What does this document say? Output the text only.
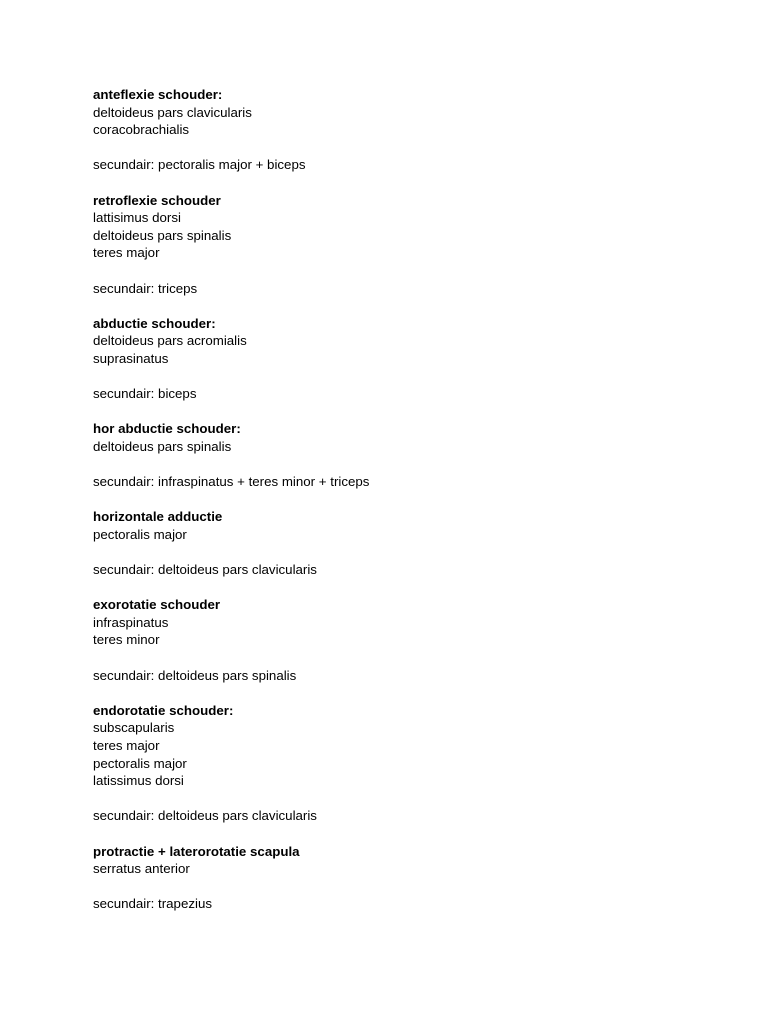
anteflexie schouder:
deltoideus pars clavicularis
coracobrachialis
secundair: pectoralis major + biceps
retroflexie schouder
lattisimus dorsi
deltoideus pars spinalis
teres major
secundair: triceps
abductie schouder:
deltoideus pars acromialis
suprasinatus
secundair: biceps
hor abductie schouder:
deltoideus pars spinalis
secundair: infraspinatus + teres minor + triceps
horizontale adductie
pectoralis major
secundair: deltoideus pars clavicularis
exorotatie schouder
infraspinatus
teres minor
secundair: deltoideus pars spinalis
endorotatie schouder:
subscapularis
teres major
pectoralis major
latissimus dorsi
secundair: deltoideus pars clavicularis
protractie + laterorotatie scapula
serratus anterior
secundair: trapezius
